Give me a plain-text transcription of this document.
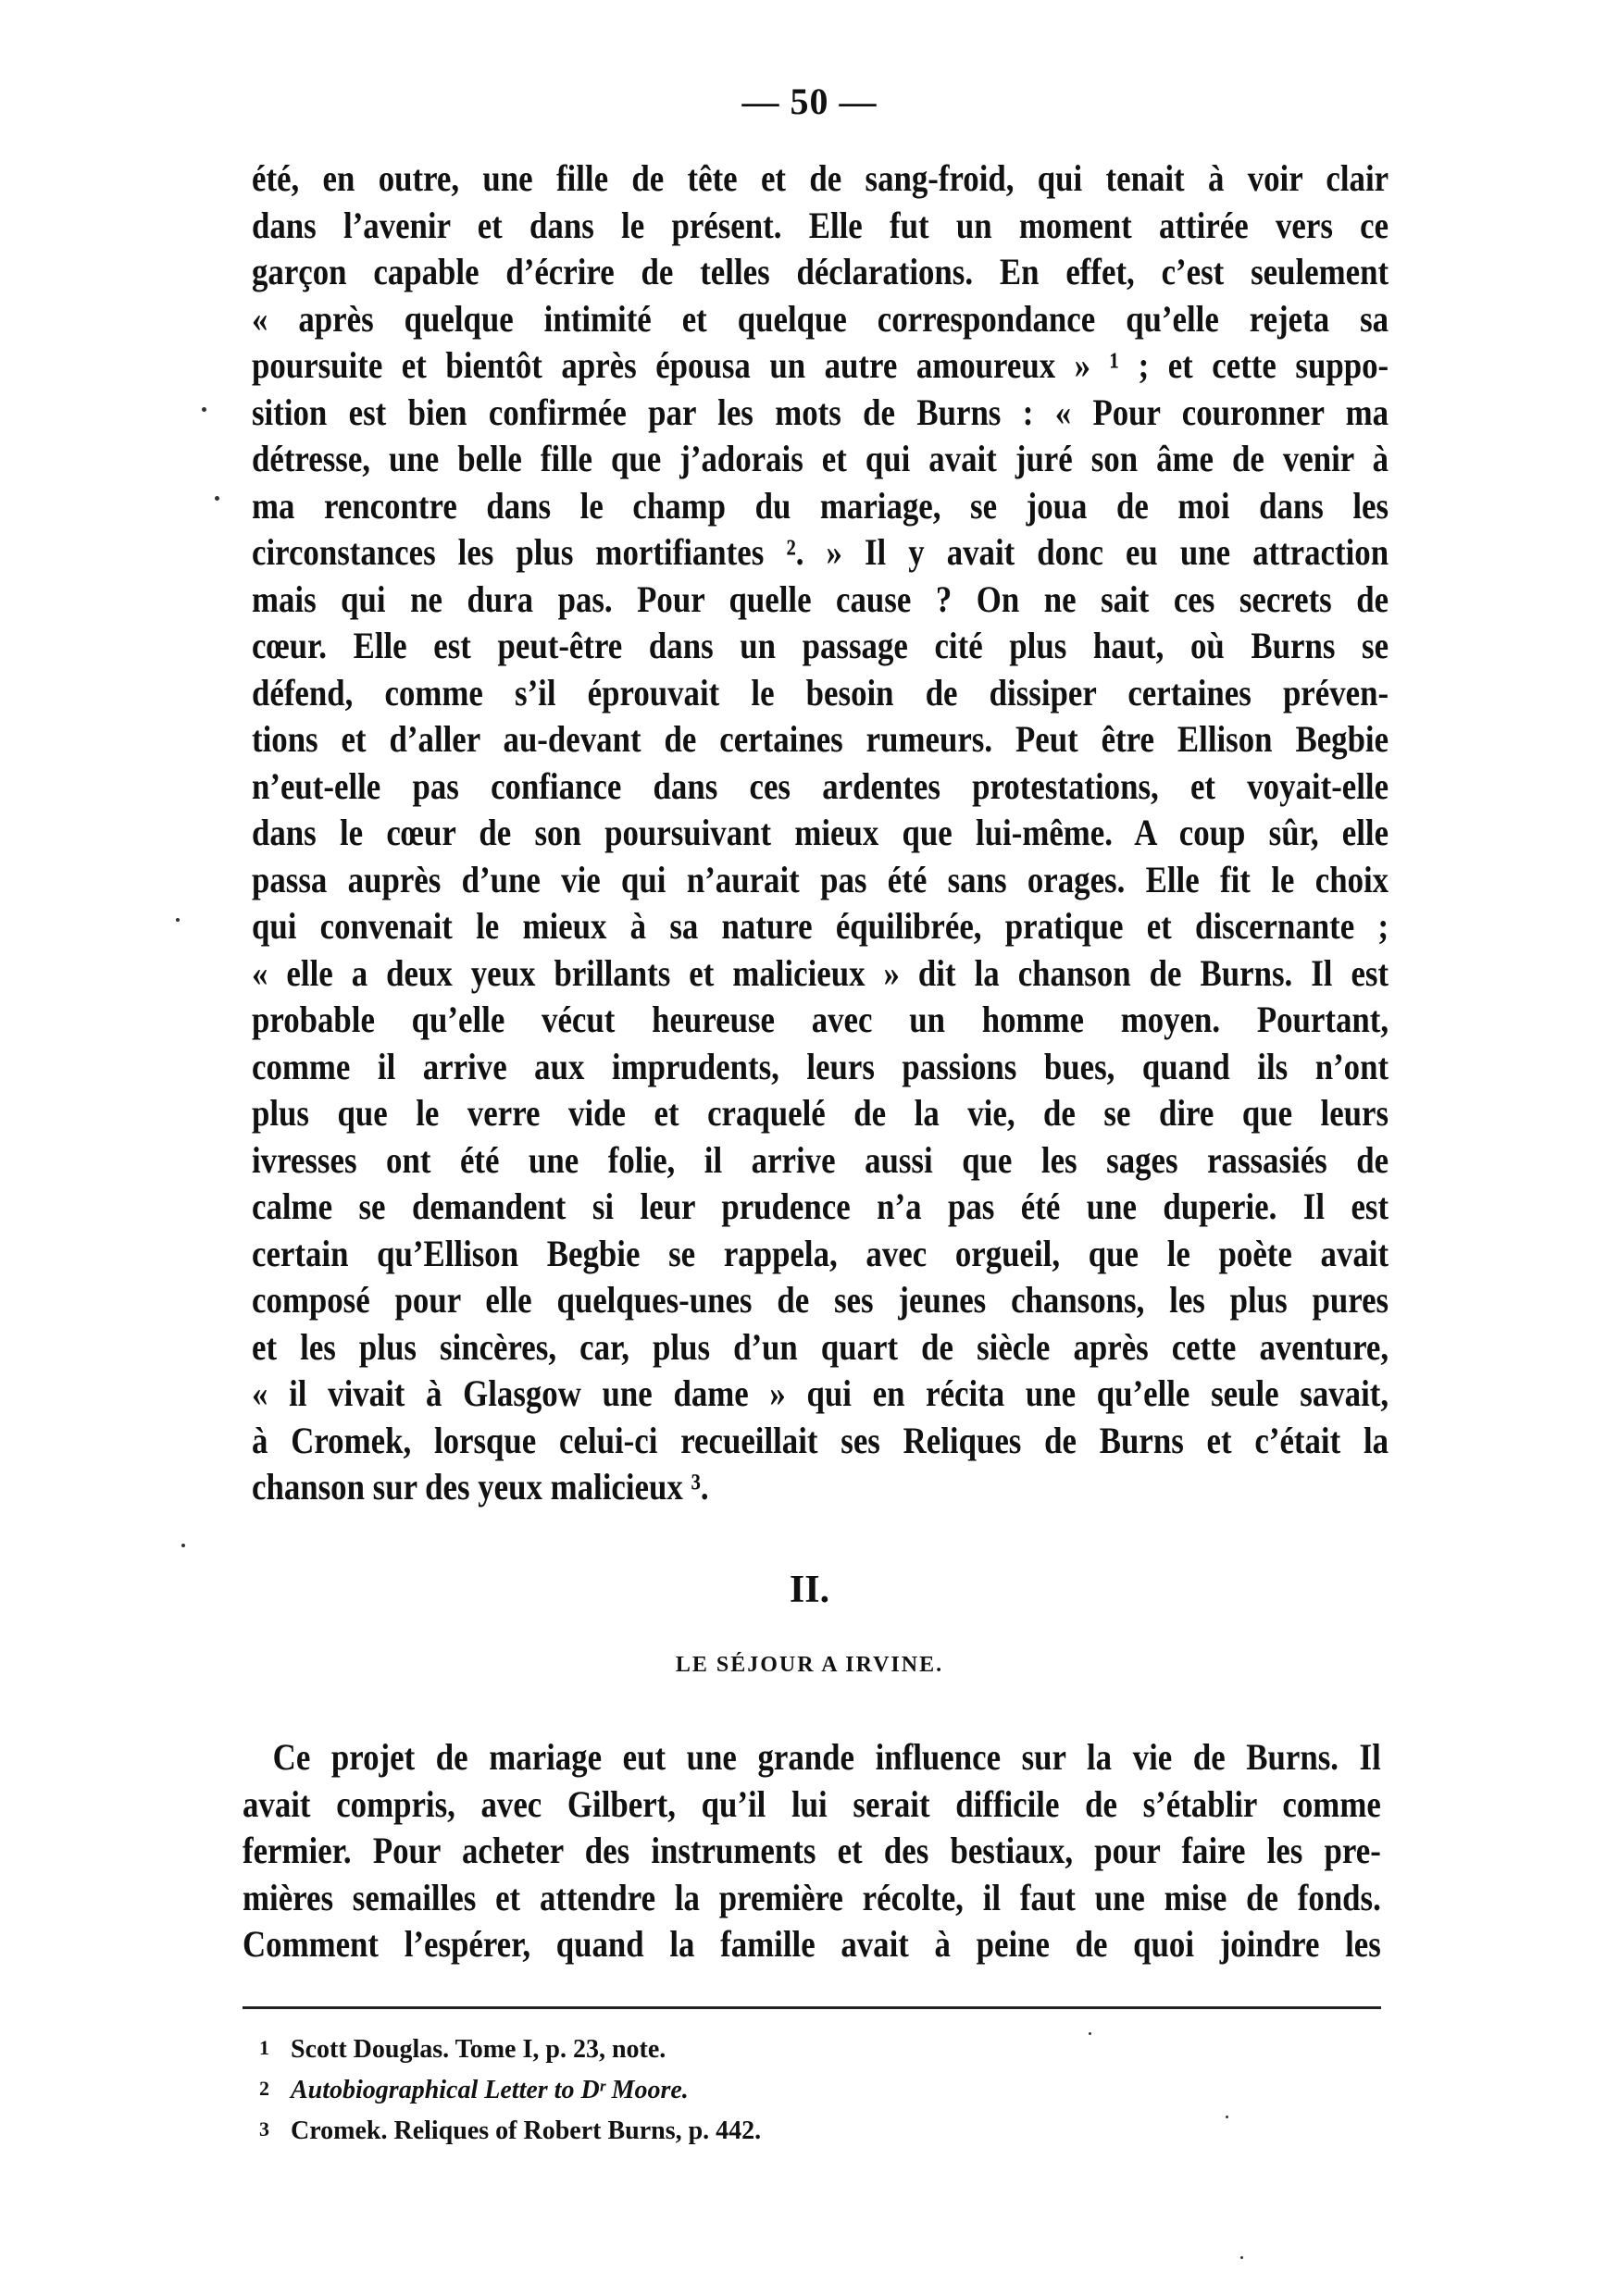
— 50 —
été, en outre, une fille de tête et de sang-froid, qui tenait à voir clair
dans l’avenir et dans le présent. Elle fut un moment attirée vers ce
garçon capable d’écrire de telles déclarations. En effet, c’est seulement
« après quelque intimité et quelque correspondance qu’elle rejeta sa
poursuite et bientôt après épousa un autre amoureux » ¹ ; et cette suppo-
sition est bien confirmée par les mots de Burns : « Pour couronner ma
détresse, une belle fille que j’adorais et qui avait juré son âme de venir à
ma rencontre dans le champ du mariage, se joua de moi dans les
circonstances les plus mortifiantes ². » Il y avait donc eu une attraction
mais qui ne dura pas. Pour quelle cause ? On ne sait ces secrets de
cœur. Elle est peut-être dans un passage cité plus haut, où Burns se
défend, comme s’il éprouvait le besoin de dissiper certaines préven-
tions et d’aller au-devant de certaines rumeurs. Peut être Ellison Begbie
n’eut-elle pas confiance dans ces ardentes protestations, et voyait-elle
dans le cœur de son poursuivant mieux que lui-même. A coup sûr, elle
passa auprès d’une vie qui n’aurait pas été sans orages. Elle fit le choix
qui convenait le mieux à sa nature équilibrée, pratique et discernante ;
« elle a deux yeux brillants et malicieux » dit la chanson de Burns. Il est
probable qu’elle vécut heureuse avec un homme moyen. Pourtant,
comme il arrive aux imprudents, leurs passions bues, quand ils n’ont
plus que le verre vide et craquelé de la vie, de se dire que leurs
ivresses ont été une folie, il arrive aussi que les sages rassasiés de
calme se demandent si leur prudence n’a pas été une duperie. Il est
certain qu’Ellison Begbie se rappela, avec orgueil, que le poète avait
composé pour elle quelques-unes de ses jeunes chansons, les plus pures
et les plus sincères, car, plus d’un quart de siècle après cette aventure,
« il vivait à Glasgow une dame » qui en récita une qu’elle seule savait,
à Cromek, lorsque celui-ci recueillait ses Reliques de Burns et c’était la
chanson sur des yeux malicieux ³.
II.
LE SÉJOUR A IRVINE.
Ce projet de mariage eut une grande influence sur la vie de Burns. Il
avait compris, avec Gilbert, qu’il lui serait difficile de s’établir comme
fermier. Pour acheter des instruments et des bestiaux, pour faire les pre-
mières semailles et attendre la première récolte, il faut une mise de fonds.
Comment l’espérer, quand la famille avait à peine de quoi joindre les
1 Scott Douglas. Tome I, p. 23, note.
2 Autobiographical Letter to Dʳ Moore.
3 Cromek. Reliques of Robert Burns, p. 442.
